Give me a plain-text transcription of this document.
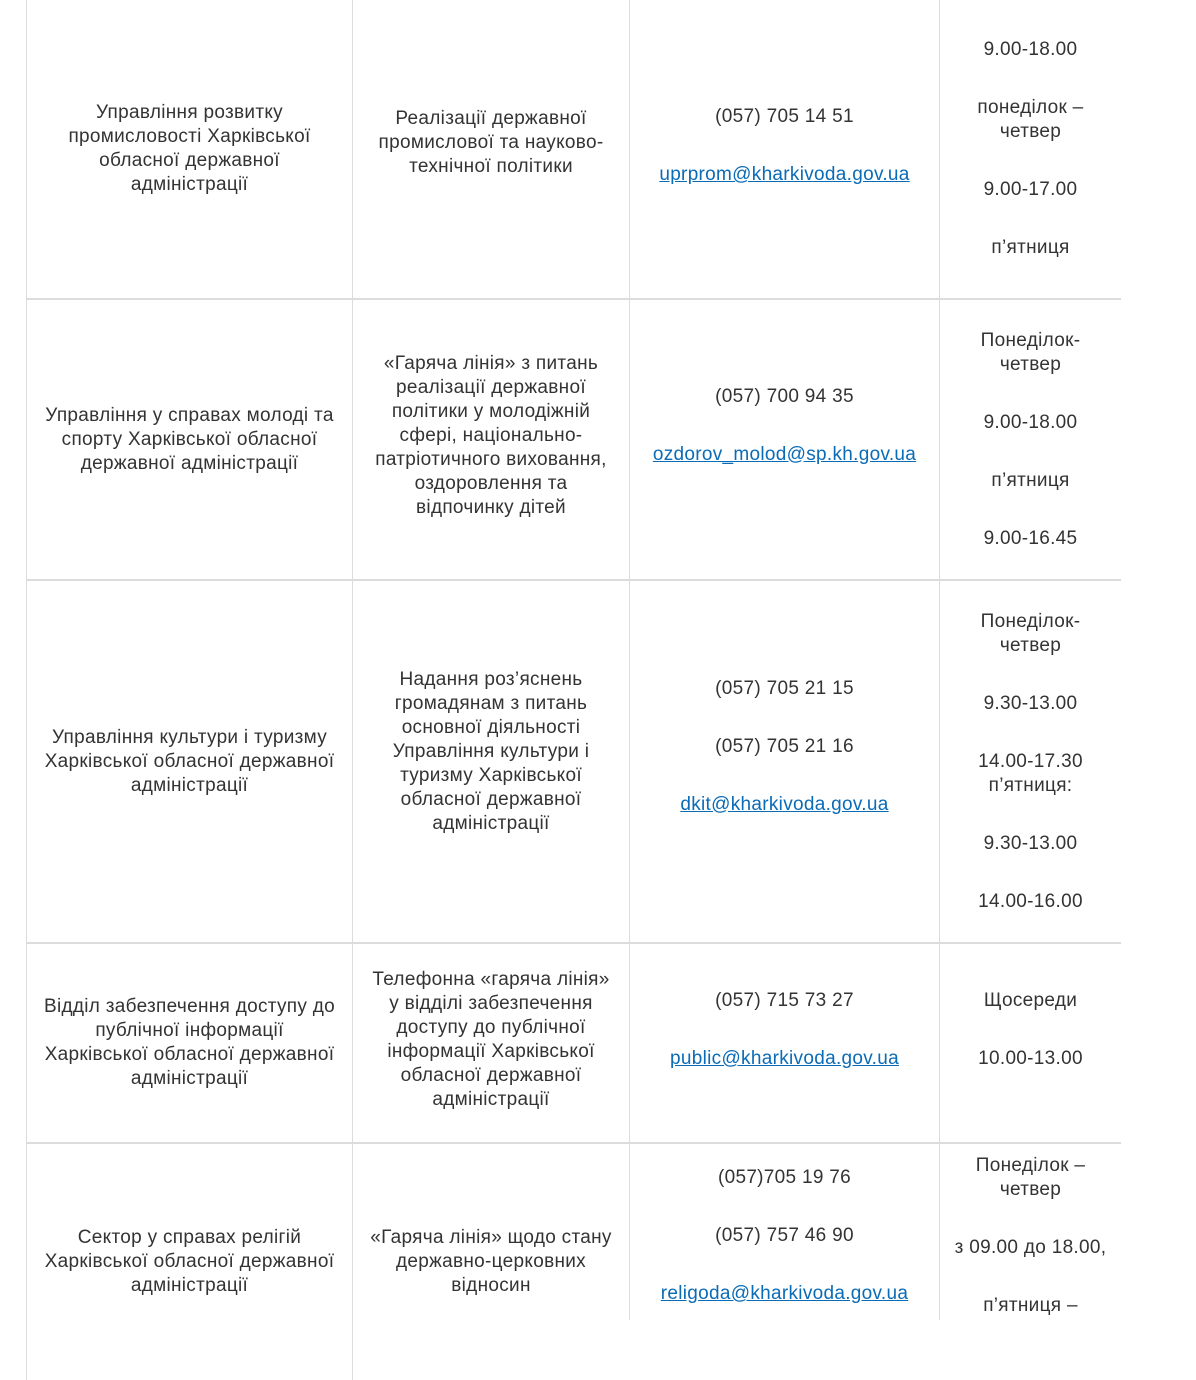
Управління розвитку промисловості Харківської обласної державної адміністрації
Реалізації державної промислової та науково-технічної політики
(057) 705 14 51
uprprom@kharkivoda.gov.ua
9.00-18.00
понеділок – четвер
9.00-17.00
п’ятниця
Управління у справах молоді та спорту Харківської обласної державної адміністрації
«Гаряча лінія» з питань реалізації державної політики у молодіжній сфері, національно-патріотичного виховання, оздоровлення та відпочинку дітей
(057) 700 94 35
ozdorov_molod@sp.kh.gov.ua
Понеділок-четвер
9.00-18.00
п’ятниця
9.00-16.45
Управління культури і туризму Харківської обласної державної адміністрації
Надання роз’яснень громадянам з питань основної діяльності Управління культури і туризму Харківської обласної державної адміністрації
(057) 705 21 15
(057) 705 21 16
dkit@kharkivoda.gov.ua
Понеділок-четвер
9.30-13.00
14.00-17.30
п’ятниця:
9.30-13.00
14.00-16.00
Відділ забезпечення доступу до публічної інформації Харківської обласної державної адміністрації
Телефонна «гаряча лінія» у відділі забезпечення доступу до публічної інформації Харківської обласної державної адміністрації
(057) 715 73 27
public@kharkivoda.gov.ua
Щосереди
10.00-13.00
Сектор у справах релігій Харківської обласної державної адміністрації
«Гаряча лінія» щодо стану державно-церковних відносин
(057)705 19 76
(057) 757 46 90
religoda@kharkivoda.gov.ua
Понеділок – четвер
з 09.00 до 18.00,
п’ятниця –
